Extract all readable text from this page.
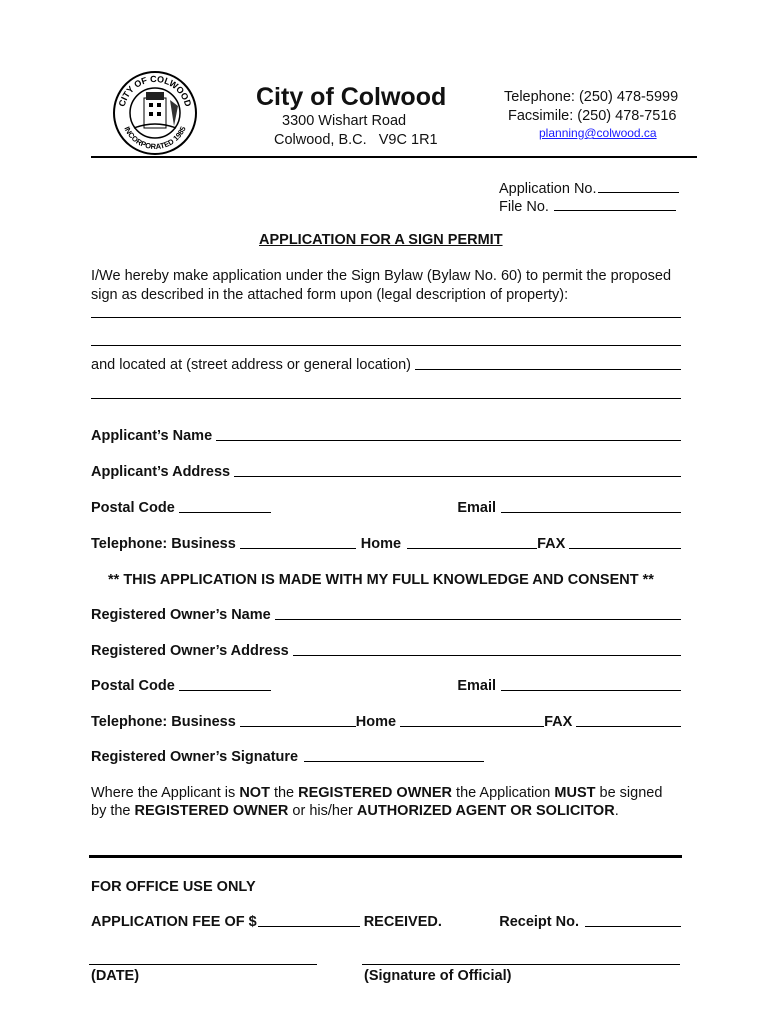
CITY OF COLWOOD
INCORPORATED 1985
City of Colwood
3300 Wishart Road
Colwood, B.C.   V9C 1R1
Telephone: (250) 478-5999
Facsimile: (250) 478-7516
planning@colwood.ca
Application No.
File No.
APPLICATION FOR A SIGN PERMIT
I/We hereby make application under the Sign Bylaw (Bylaw No. 60) to permit the proposed
sign as described in the attached form upon (legal description of property):
and located at (street address or general location)
Applicant’s Name
Applicant’s Address
Postal Code	Email
Telephone: Business	Home	FAX
** THIS APPLICATION IS MADE WITH MY FULL KNOWLEDGE AND CONSENT **
Registered Owner’s Name
Registered Owner’s Address
Postal Code	Email
Telephone: Business	Home	FAX
Registered Owner’s Signature
Where the Applicant is NOT the REGISTERED OWNER the Application MUST be signed
by the REGISTERED OWNER or his/her AUTHORIZED AGENT OR SOLICITOR.
FOR OFFICE USE ONLY
APPLICATION FEE OF $	RECEIVED.	Receipt No.
(DATE)	(Signature of Official)
